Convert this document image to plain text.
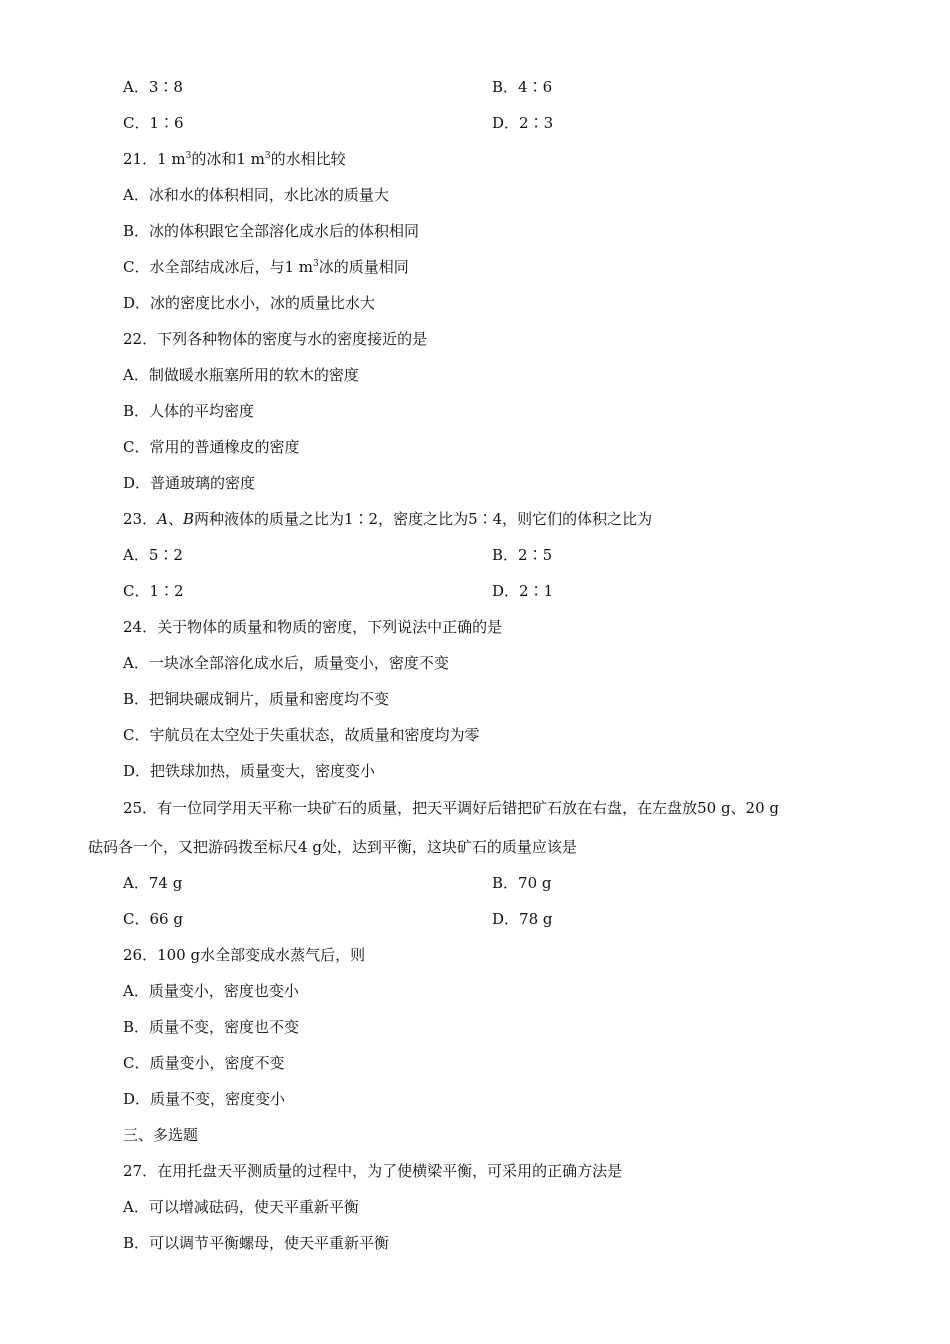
A．3∶8	B．4∶6
C．1∶6	D．2∶3
21．1 $m^3$的冰和1 $m^3$的水相比较
A．冰和水的体积相同，水比冰的质量大
B．冰的体积跟它全部溶化成水后的体积相同
C．水全部结成冰后，与1 $m^3$冰的质量相同
D．冰的密度比水小，冰的质量比水大
22．下列各种物体的密度与水的密度接近的是
A．制做暖水瓶塞所用的软木的密度
B．人体的平均密度
C．常用的普通橡皮的密度
D．普通玻璃的密度
23．A、B两种液体的质量之比为1∶2，密度之比为5∶4，则它们的体积之比为
A．5∶2	B．2∶5
C．1∶2	D．2∶1
24．关于物体的质量和物质的密度，下列说法中正确的是
A．一块冰全部溶化成水后，质量变小，密度不变
B．把铜块碾成铜片，质量和密度均不变
C．宇航员在太空处于失重状态，故质量和密度均为零
D．把铁球加热，质量变大，密度变小
25．有一位同学用天平称一块矿石的质量，把天平调好后错把矿石放在右盘，在左盘放50 g、20 g
砝码各一个，又把游码拨至标尺4 g处，达到平衡，这块矿石的质量应该是
A．74 g	B．70 g
C．66 g	D．78 g
26．100 g水全部变成水蒸气后，则
A．质量变小，密度也变小
B．质量不变，密度也不变
C．质量变小，密度不变
D．质量不变，密度变小
三、多选题
27．在用托盘天平测质量的过程中，为了使横梁平衡，可采用的正确方法是
A．可以增减砝码，使天平重新平衡
B．可以调节平衡螺母，使天平重新平衡
